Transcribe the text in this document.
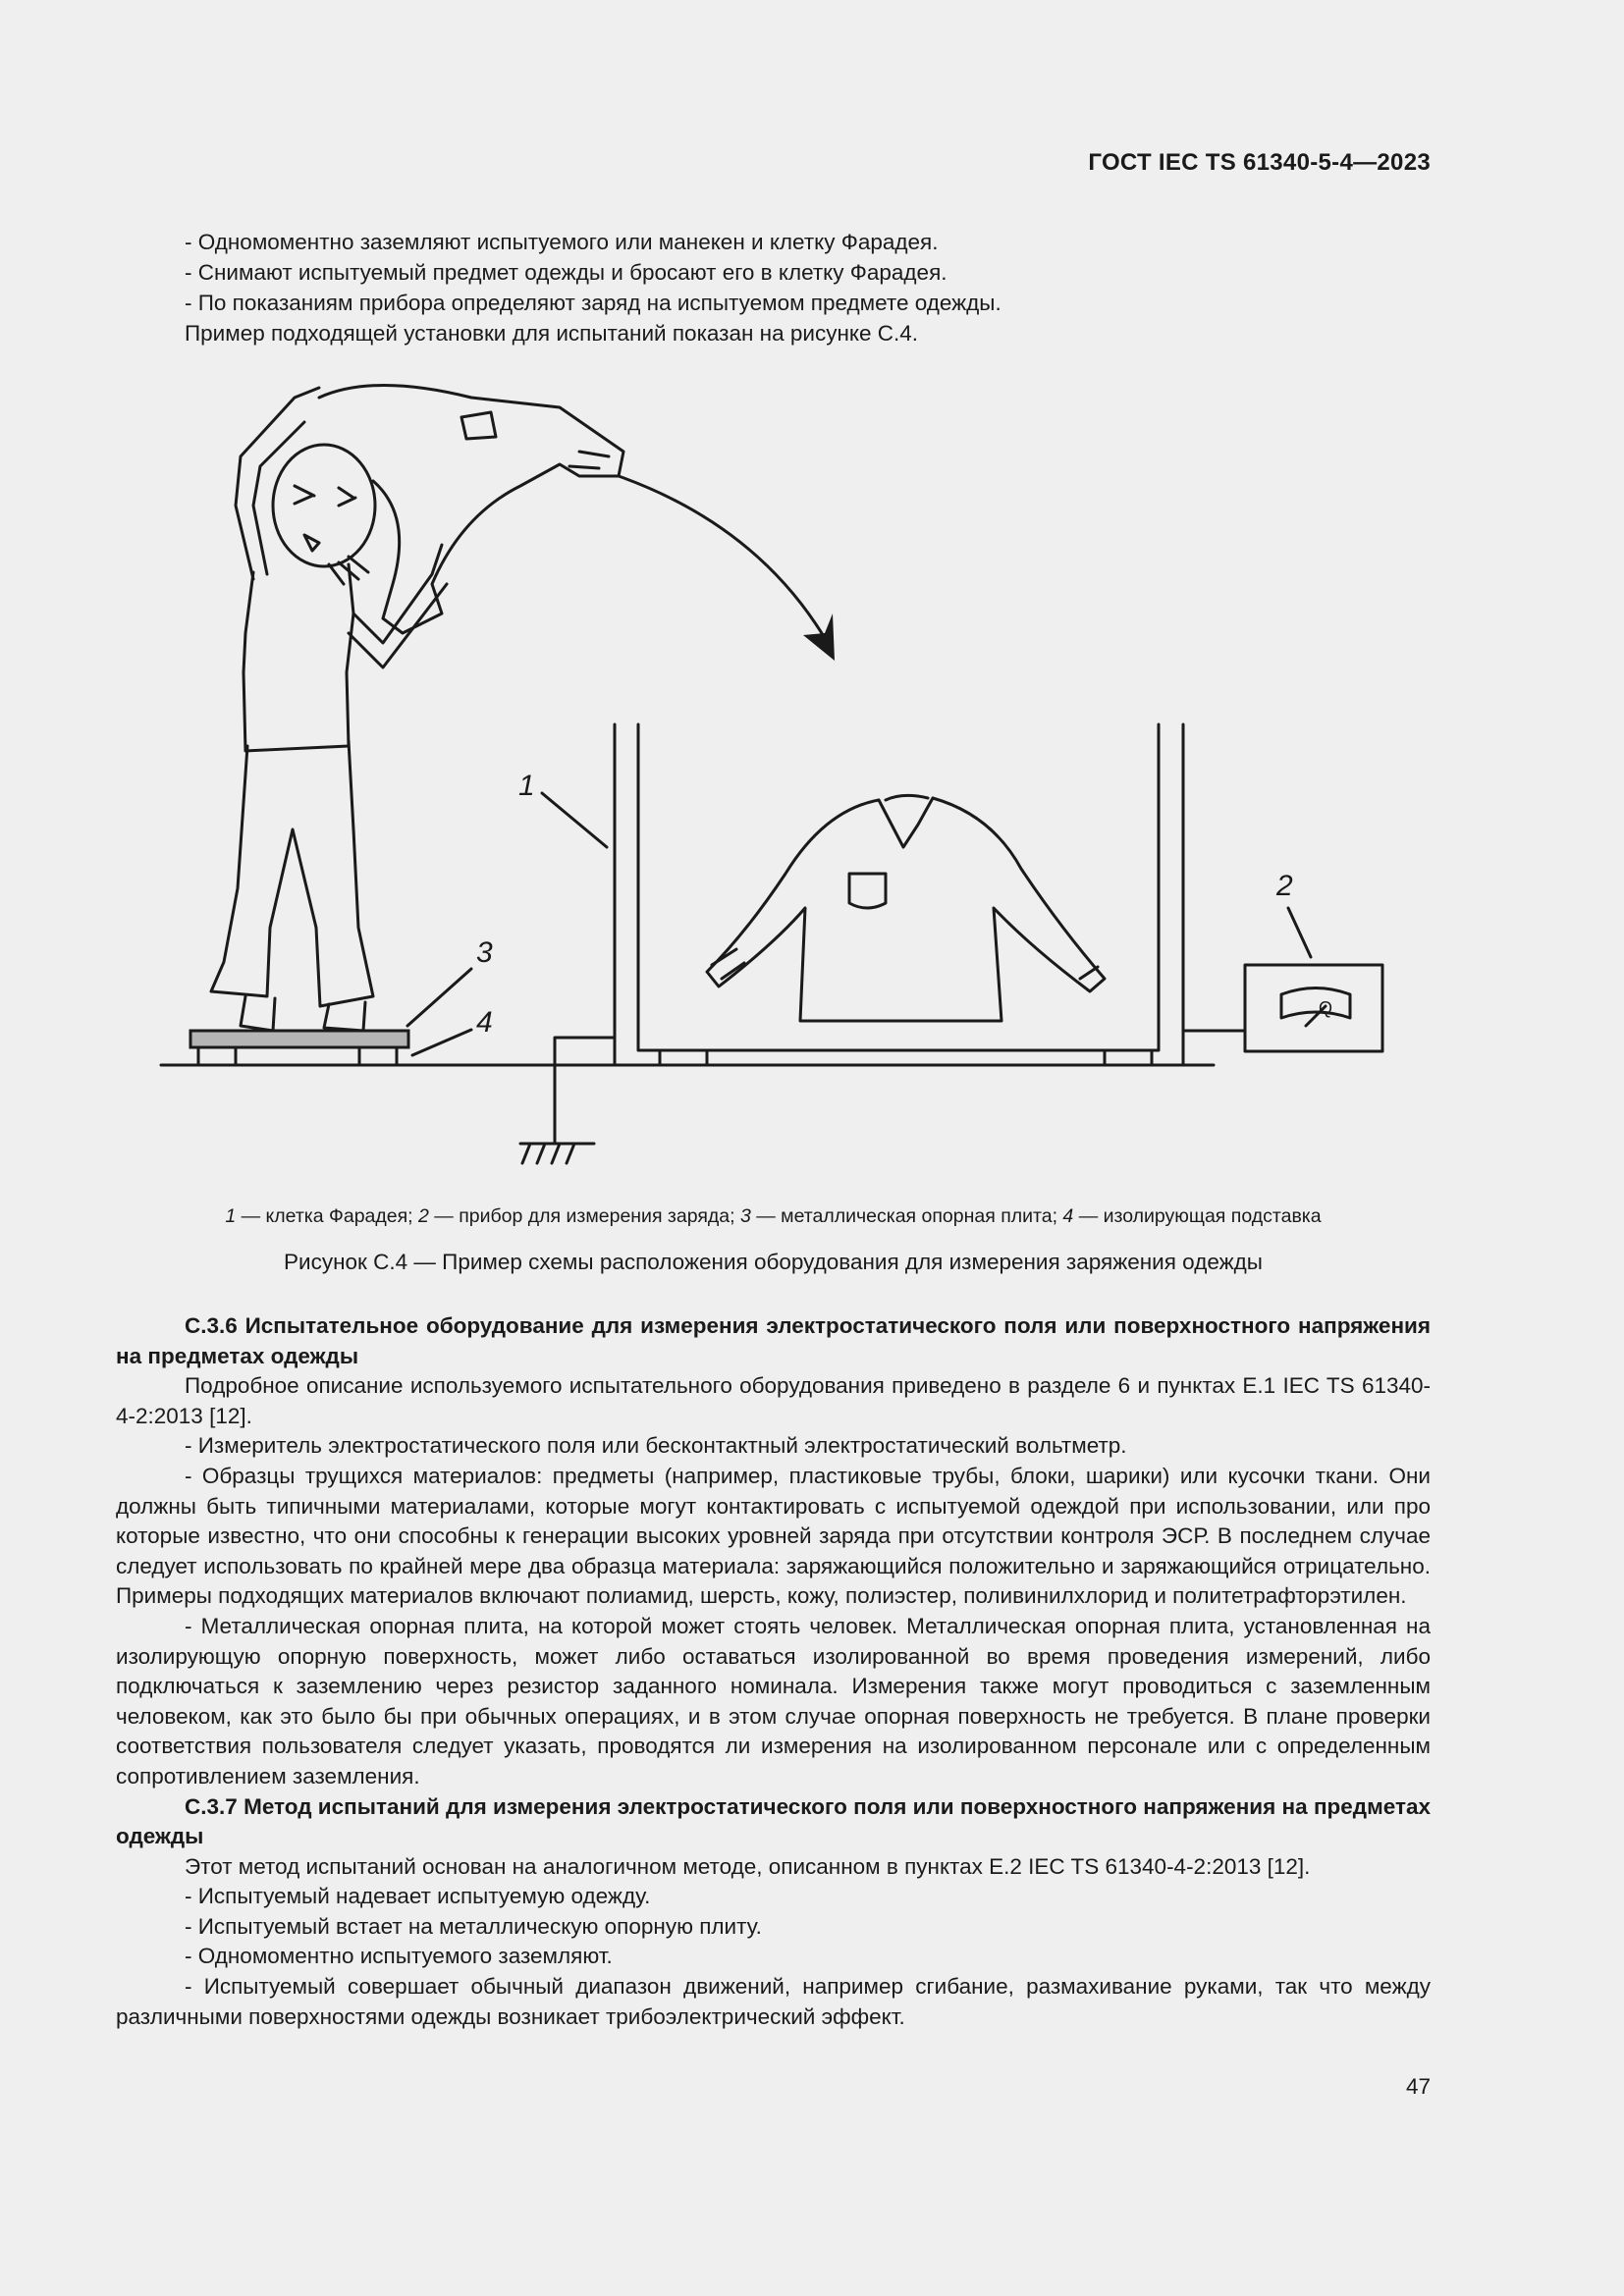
ГОСТ IEC TS 61340-5-4—2023
- Одномоментно заземляют испытуемого или манекен и клетку Фарадея.
- Снимают испытуемый предмет одежды и бросают его в клетку Фарадея.
- По показаниям прибора определяют заряд на испытуемом предмете одежды.
Пример подходящей установки для испытаний показан на рисунке С.4.
Q
1
2
3
4
1 — клетка Фарадея; 2 — прибор для измерения заряда; 3 — металлическая опорная плита; 4 — изолирующая подставка
Рисунок С.4 — Пример схемы расположения оборудования для измерения заряжения одежды

С.3.6 Испытательное оборудование для измерения электростатического поля или поверхностного напряжения на предметах одежды

Подробное описание используемого испытательного оборудования приведено в разделе 6 и пунктах Е.1 IEC TS 61340-4-2:2013 [12].

- Измеритель электростатического поля или бесконтактный электростатический вольтметр.

- Образцы трущихся материалов: предметы (например, пластиковые трубы, блоки, шарики) или кусочки ткани. Они должны быть типичными материалами, которые могут контактировать с испытуемой одеждой при использовании, или про которые известно, что они способны к генерации высоких уровней заряда при отсутствии контроля ЭСР. В последнем случае следует использовать по крайней мере два образца материала: заряжающийся положительно и заряжающийся отрицательно. Примеры подходящих материалов включают полиамид, шерсть, кожу, полиэстер, поливинилхлорид и политетрафторэтилен.

- Металлическая опорная плита, на которой может стоять человек. Металлическая опорная плита, установленная на изолирующую опорную поверхность, может либо оставаться изолированной во время проведения измерений, либо подключаться к заземлению через резистор заданного номинала. Измерения также могут проводиться с заземленным человеком, как это было бы при обычных операциях, и в этом случае опорная поверхность не требуется. В плане проверки соответствия пользователя следует указать, проводятся ли измерения на изолированном персонале или с определенным сопротивлением заземления.

С.3.7 Метод испытаний для измерения электростатического поля или поверхностного напряжения на предметах одежды

Этот метод испытаний основан на аналогичном методе, описанном в пунктах Е.2 IEC TS 61340-4-2:2013 [12].

- Испытуемый надевает испытуемую одежду.

- Испытуемый встает на металлическую опорную плиту.

- Одномоментно испытуемого заземляют.

- Испытуемый совершает обычный диапазон движений, например сгибание, размахивание руками, так что между различными поверхностями одежды возникает трибоэлектрический эффект.

47
